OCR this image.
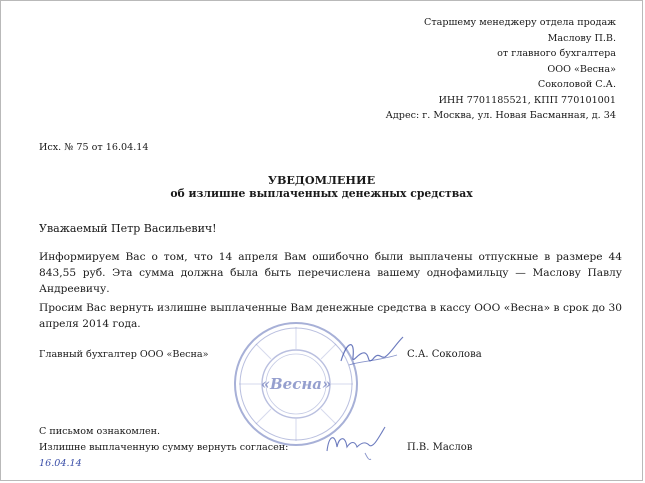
Старшему менеджеру отдела продаж
Маслову П.В.
от главного бухгалтера
ООО «Весна»
Соколовой С.А.
ИНН 7701185521, КПП 770101001
Адрес: г. Москва, ул. Новая Басманная, д. 34
Исх. № 75 от 16.04.14
УВЕДОМЛЕНИЕ
об излишне выплаченных денежных средствах
Уважаемый Петр Васильевич!

Информируем Вас о том, что 14 апреля Вам ошибочно были выплачены отпускные в размере 44 843,55 руб. Эта сумма должна была быть перечислена вашему однофамильцу — Маслову Павлу Андреевичу.

Просим Вас вернуть излишне выплаченные Вам денежные средства в кассу ООО «Весна» в срок до 30 апреля 2014 года.

Главный бухгалтер ООО «Весна»	С.А. Соколова
«Весна»
С письмом ознакомлен.
Излишне выплаченную сумму вернуть согласен:	П.В. Маслов
16.04.14
